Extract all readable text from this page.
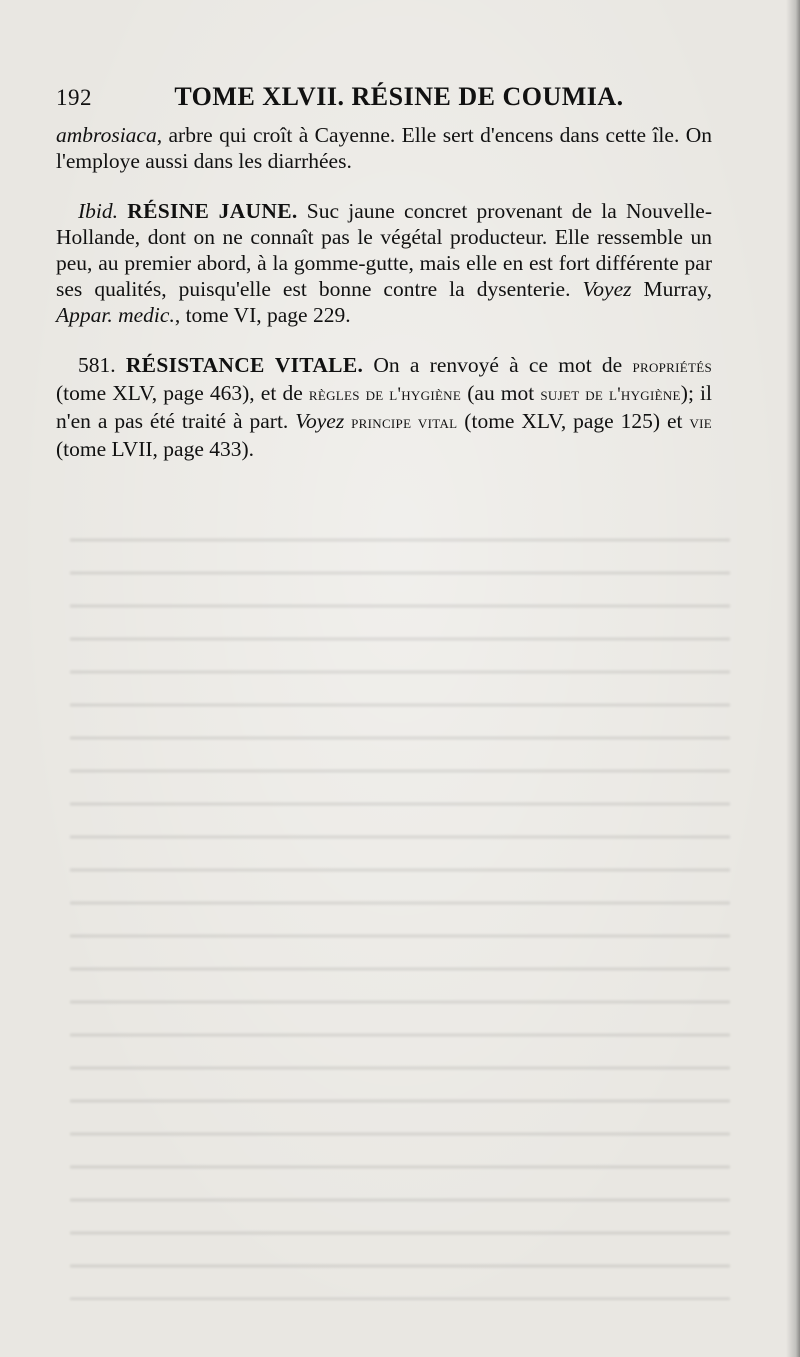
192	TOME XLVII. RÉSINE DE COUMIA.

ambrosiaca, arbre qui croît à Cayenne. Elle sert d'encens dans cette île. On l'employe aussi dans les diarrhées.

Ibid. RÉSINE JAUNE. Suc jaune concret provenant de la Nouvelle-Hollande, dont on ne connaît pas le végétal producteur. Elle ressemble un peu, au premier abord, à la gomme-gutte, mais elle en est fort différente par ses qualités, puisqu'elle est bonne contre la dysenterie. Voyez Murray, Appar. medic., tome VI, page 229.

581. RÉSISTANCE VITALE. On a renvoyé à ce mot de propriétés (tome XLV, page 463), et de règles de l'hygiène (au mot sujet de l'hygiène); il n'en a pas été traité à part. Voyez principe vital (tome XLV, page 125) et vie (tome LVII, page 433).
